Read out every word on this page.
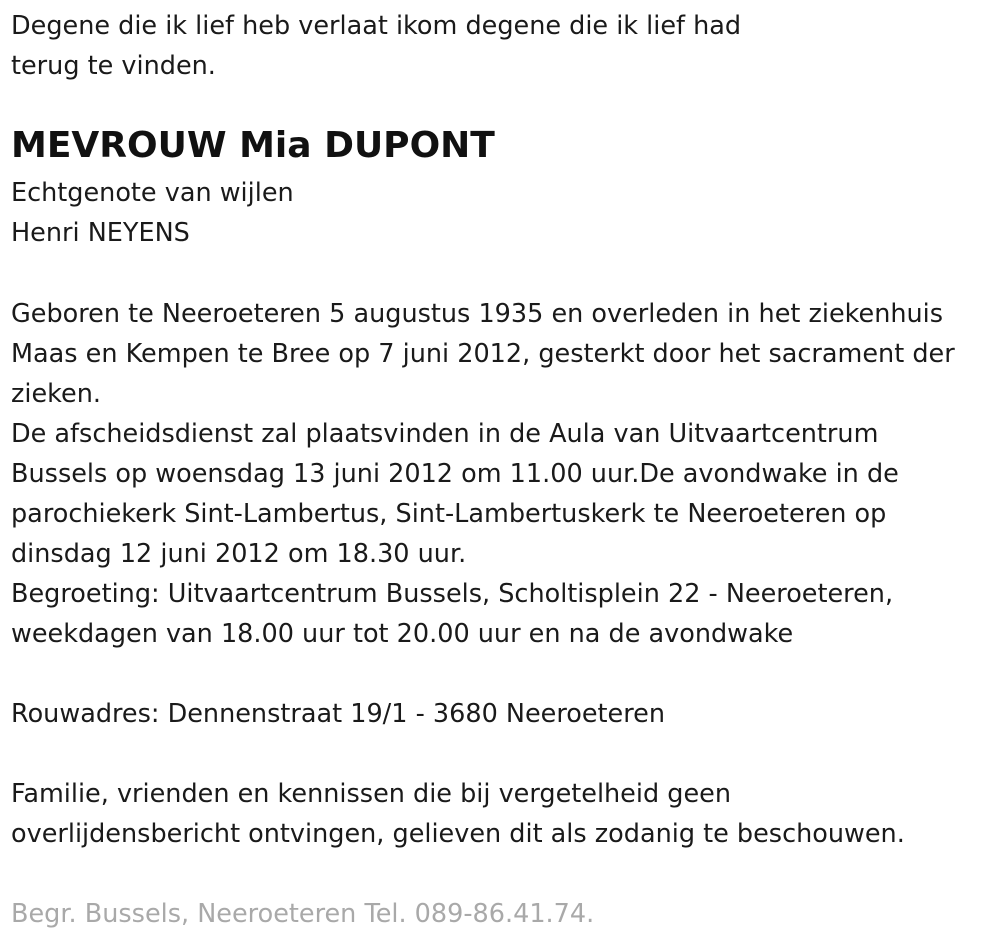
Degene die ik lief heb verlaat ikom degene die ik lief had
terug te vinden.
MEVROUW Mia DUPONT
Echtgenote van wijlen
Henri NEYENS
Geboren te Neeroeteren 5 augustus 1935 en overleden in het ziekenhuis
Maas en Kempen te Bree op 7 juni 2012, gesterkt door het sacrament der
zieken.
De afscheidsdienst zal plaatsvinden in de Aula van Uitvaartcentrum
Bussels op woensdag 13 juni 2012 om 11.00 uur.De avondwake in de
parochiekerk Sint-Lambertus, Sint-Lambertuskerk te Neeroeteren op
dinsdag 12 juni 2012 om 18.30 uur.
Begroeting: Uitvaartcentrum Bussels, Scholtisplein 22 - Neeroeteren,
weekdagen van 18.00 uur tot 20.00 uur en na de avondwake
Rouwadres: Dennenstraat 19/1 - 3680 Neeroeteren
Familie, vrienden en kennissen die bij vergetelheid geen
overlijdensbericht ontvingen, gelieven dit als zodanig te beschouwen.
Begr. Bussels, Neeroeteren Tel. 089-86.41.74.
